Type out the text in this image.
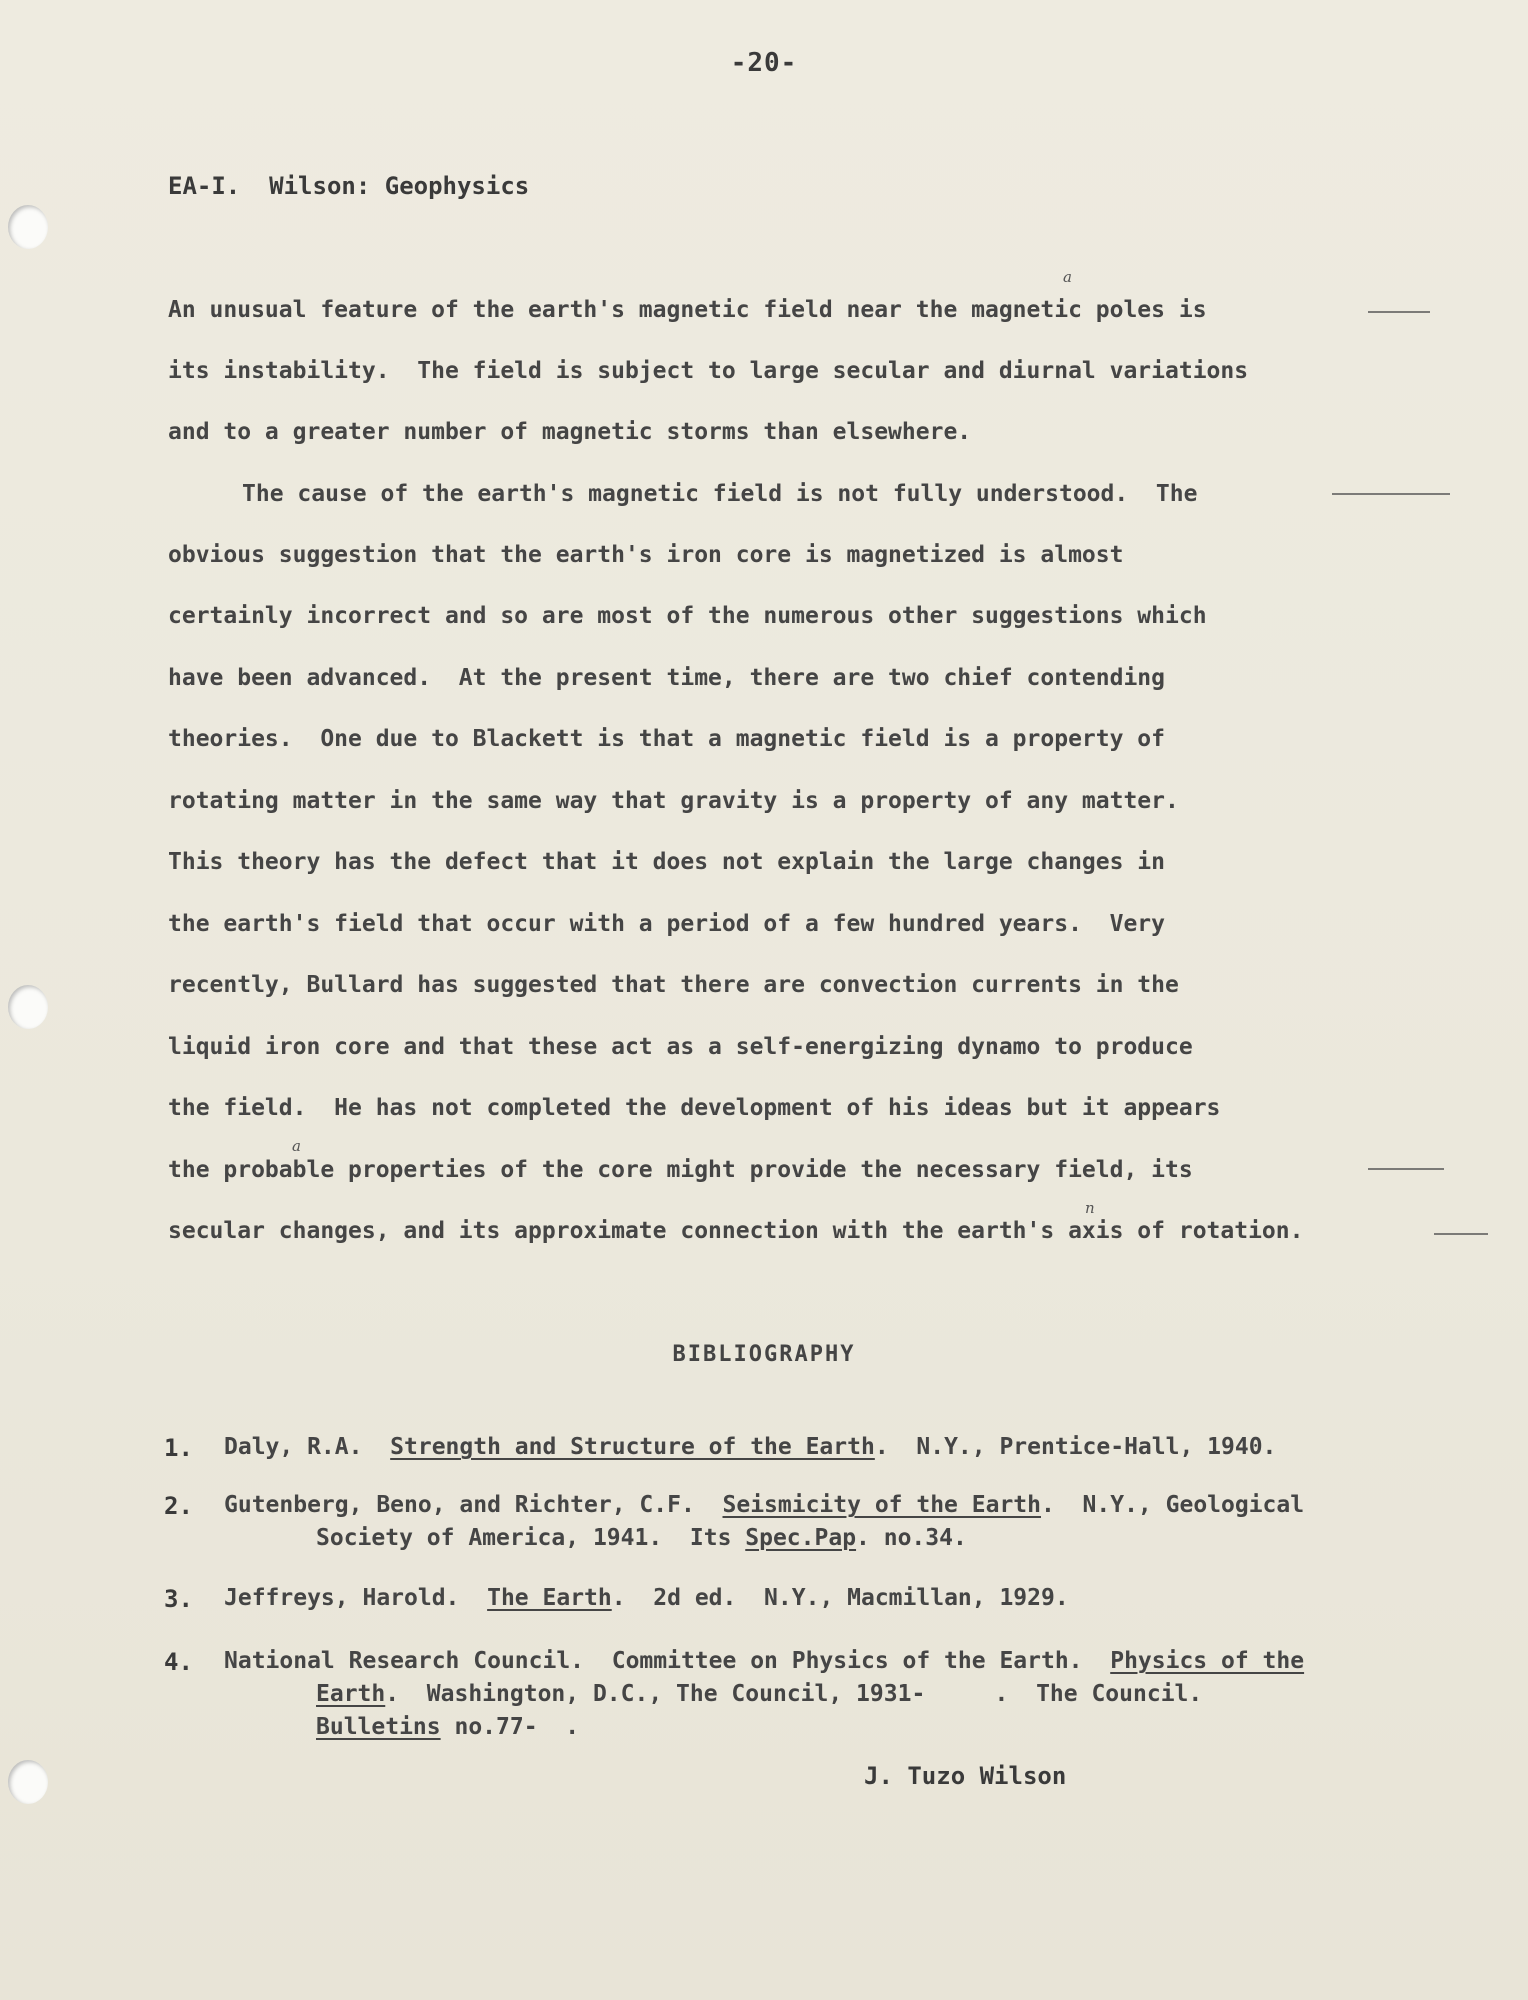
-20-
EA-I.  Wilson: Geophysics
An unusual feature of the earth's magnetic field near the magnetic poles is
its instability.  The field is subject to large secular and diurnal variations
and to a greater number of magnetic storms than elsewhere.
The cause of the earth's magnetic field is not fully understood.  The
obvious suggestion that the earth's iron core is magnetized is almost
certainly incorrect and so are most of the numerous other suggestions which
have been advanced.  At the present time, there are two chief contending
theories.  One due to Blackett is that a magnetic field is a property of
rotating matter in the same way that gravity is a property of any matter.
This theory has the defect that it does not explain the large changes in
the earth's field that occur with a period of a few hundred years.  Very
recently, Bullard has suggested that there are convection currents in the
liquid iron core and that these act as a self-energizing dynamo to produce
the field.  He has not completed the development of his ideas but it appears
the probable properties of the core might provide the necessary field, its
secular changes, and its approximate connection with the earth's axis of rotation.
a
n
a
BIBLIOGRAPHY
1. Daly, R.A.  Strength and Structure of the Earth.  N.Y., Prentice-Hall, 1940.
2. Gutenberg, Beno, and Richter, C.F.  Seismicity of the Earth.  N.Y., Geological
Society of America, 1941.  Its Spec.Pap. no.34.
3. Jeffreys, Harold.  The Earth.  2d ed.  N.Y., Macmillan, 1929.
4. National Research Council.  Committee on Physics of the Earth.  Physics of the
Earth.  Washington, D.C., The Council, 1931-     .  The Council.
Bulletins no.77-  .
J. Tuzo Wilson
